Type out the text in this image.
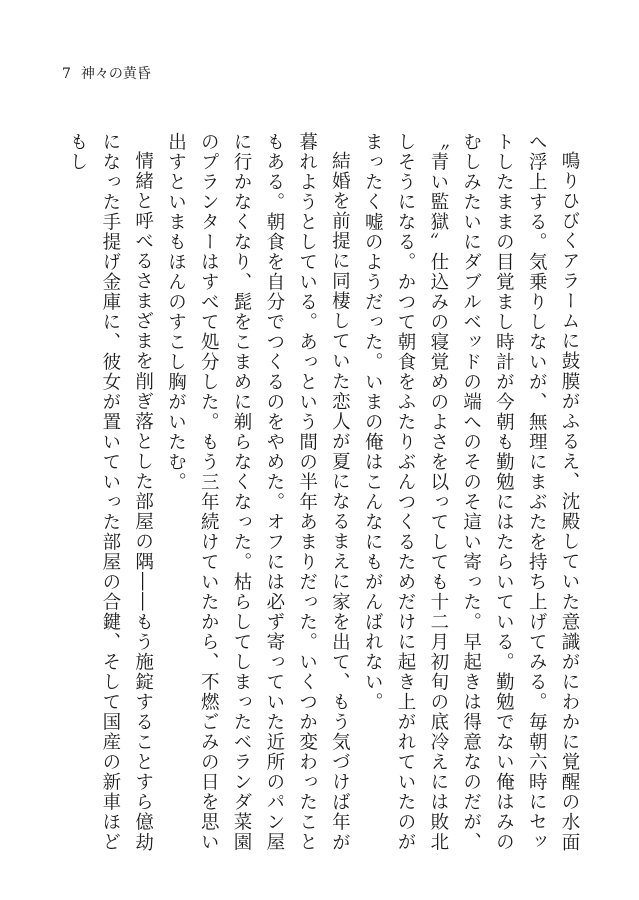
7 神々の黄昏

鳴りひびくアラームに鼓膜がふるえ、沈殿していた意識がにわかに覚醒の水面へ浮上する。気乗りしないが、無理にまぶたを持ち上げてみる。毎朝六時にセットしたままの目覚まし時計が今朝も勤勉にはたらいている。勤勉でない俺はみのむしみたいにダブルベッドの端へのそのそ這い寄った。早起きは得意なのだが、〝青い監獄〟仕込みの寝覚めのよさを以ってしても十二月初旬の底冷えには敗北しそうになる。かつて朝食をふたりぶんつくるためだけに起き上がれていたのがまったく嘘のようだった。いまの俺はこんなにもがんばれない。

結婚を前提に同棲していた恋人が夏になるまえに家を出て、もう気づけば年が暮れようとしている。あっという間の半年あまりだった。いくつか変わったこともある。朝食を自分でつくるのをやめた。オフには必ず寄っていた近所のパン屋に行かなくなり、髭をこまめに剃らなくなった。枯らしてしまったベランダ菜園のプランターはすべて処分した。もう三年続けていたから、不燃ごみの日を思い出すといまもほんのすこし胸がいたむ。

情緒と呼べるさまざまを削ぎ落とした部屋の隅――もう施錠することすら億劫になった手提げ金庫に、彼女が置いていった部屋の合鍵、そして国産の新車ほどもし
